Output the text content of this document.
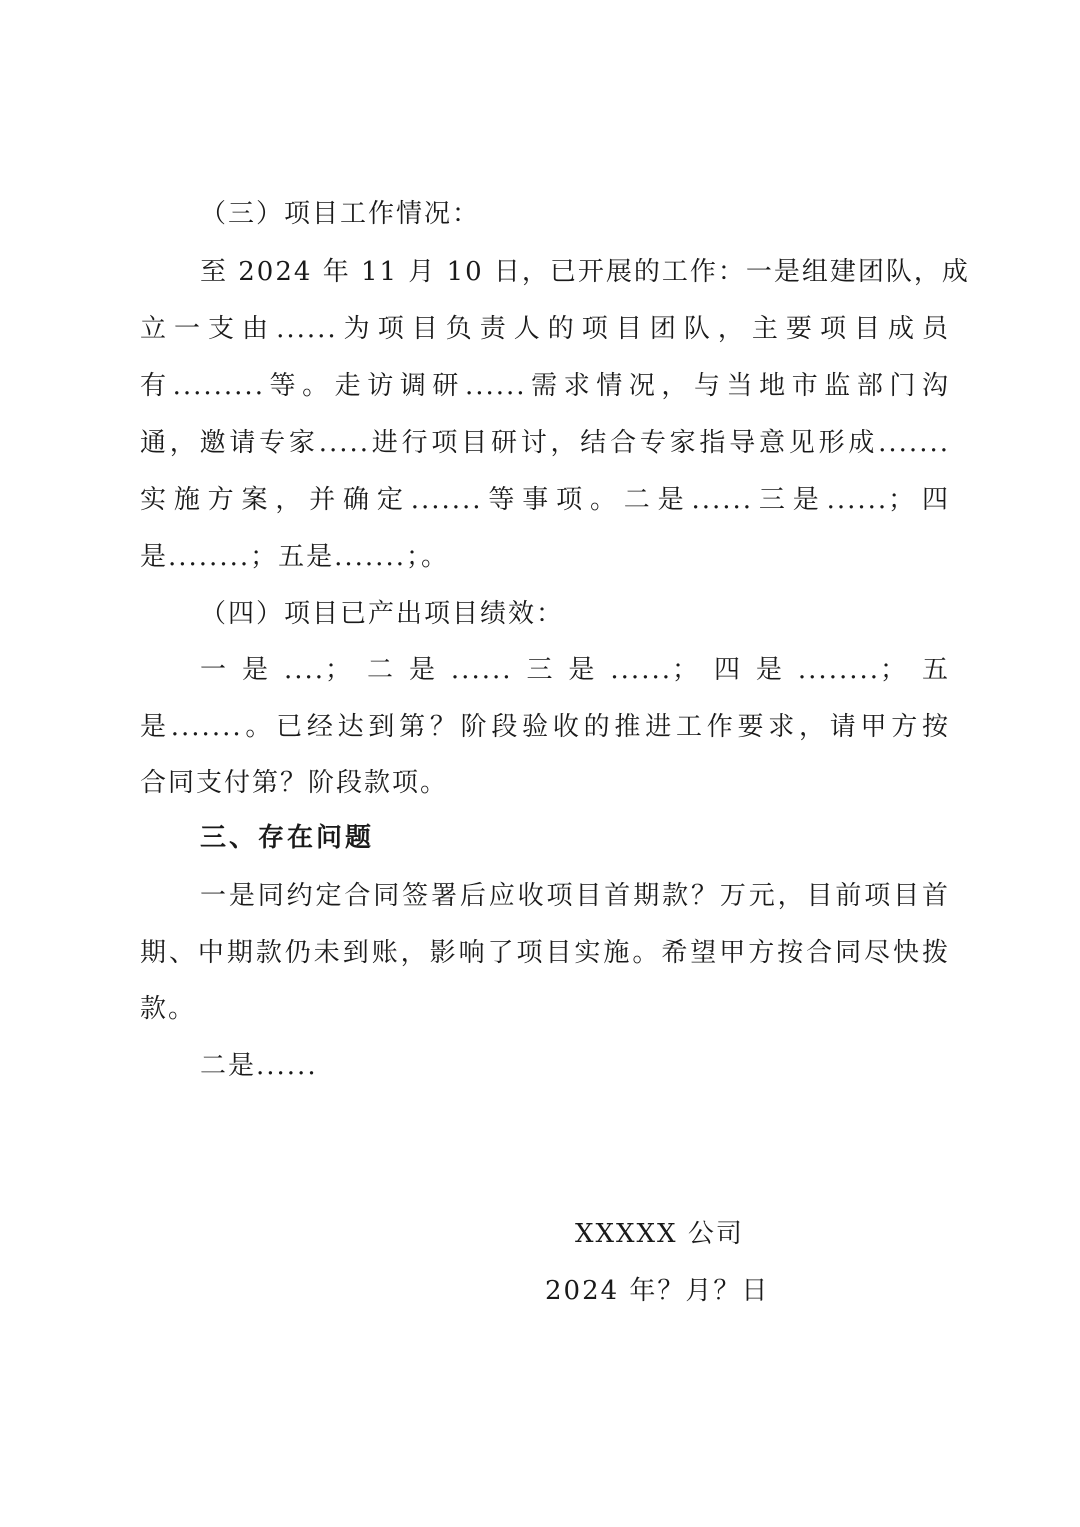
（三）项目工作情况：
至 2024 年 11 月 10 日，已开展的工作：一是组建团队，成
立一支由......为项目负责人的项目团队，主要项目成员
有.........等。走访调研......需求情况，与当地市监部门沟
通，邀请专家.....进行项目研讨，结合专家指导意见形成.......
实施方案，并确定.......等事项。二是......三是......；四
是........；五是.......；。
（四）项目已产出项目绩效：
一是....；二是......三是......；四是........；五
是.......。已经达到第？阶段验收的推进工作要求，请甲方按
合同支付第？阶段款项。
三、存在问题
一是同约定合同签署后应收项目首期款？万元，目前项目首
期、中期款仍未到账，影响了项目实施。希望甲方按合同尽快拨
款。
二是......
XXXXX 公司
2024 年？月？日
